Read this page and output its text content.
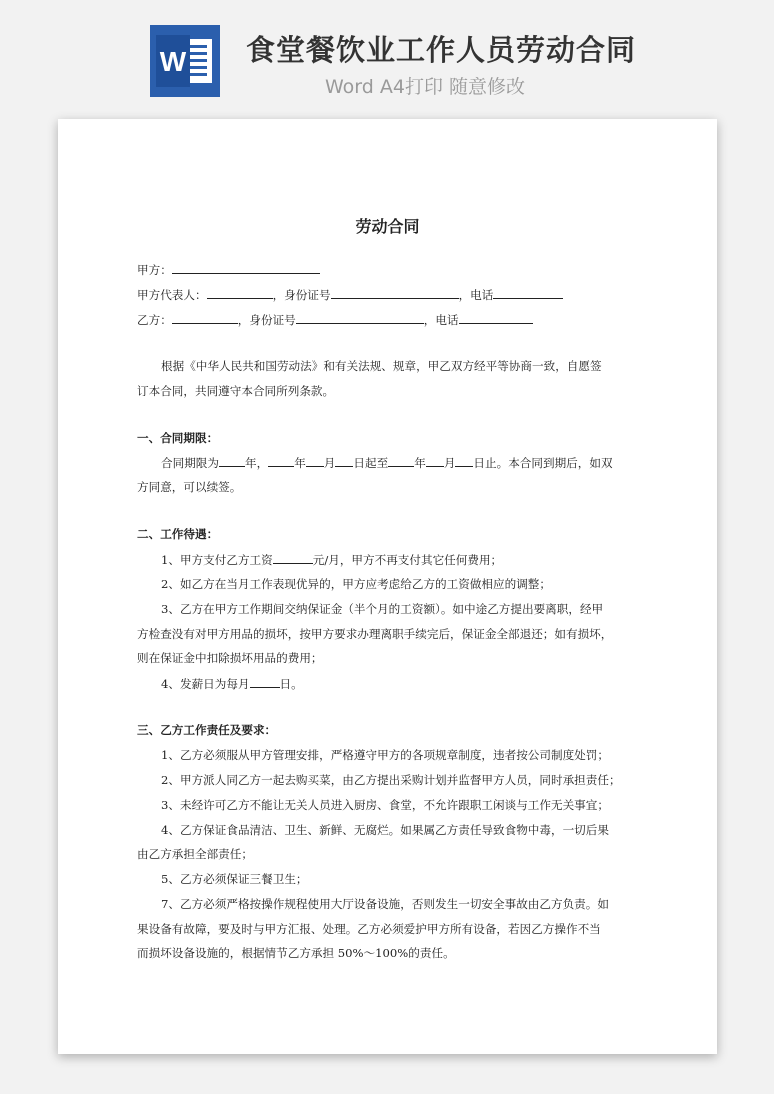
W 食堂餐饮业工作人员劳动合同
Word A4打印 随意修改
劳动合同
甲方：
甲方代表人：	，身份证号	，电话
乙方：	，身份证号	，电话
根据《中华人民共和国劳动法》和有关法规、规章，甲乙双方经平等协商一致，自愿签
订本合同，共同遵守本合同所列条款。
一、合同期限：
合同期限为 年， 年 月 日起至 年 月 日止。本合同到期后，如双
方同意，可以续签。
二、工作待遇：
1、甲方支付乙方工资	元/月，甲方不再支付其它任何费用；
2、如乙方在当月工作表现优异的，甲方应考虑给乙方的工资做相应的调整；
3、乙方在甲方工作期间交纳保证金（半个月的工资额）。如中途乙方提出要离职，经甲
方检查没有对甲方用品的损坏，按甲方要求办理离职手续完后，保证金全部退还；如有损坏，
则在保证金中扣除损坏用品的费用；
4、发薪日为每月	日。
三、乙方工作责任及要求：
1、乙方必须服从甲方管理安排，严格遵守甲方的各项规章制度，违者按公司制度处罚；
2、甲方派人同乙方一起去购买菜，由乙方提出采购计划并监督甲方人员，同时承担责任；
3、未经许可乙方不能让无关人员进入厨房、食堂，不允许跟职工闲谈与工作无关事宜；
4、乙方保证食品清洁、卫生、新鲜、无腐烂。如果属乙方责任导致食物中毒，一切后果
由乙方承担全部责任；
5、乙方必须保证三餐卫生；
7、乙方必须严格按操作规程使用大厅设备设施，否则发生一切安全事故由乙方负责。如
果设备有故障，要及时与甲方汇报、处理。乙方必须爱护甲方所有设备，若因乙方操作不当
而损坏设备设施的，根据情节乙方承担 50%～100%的责任。
